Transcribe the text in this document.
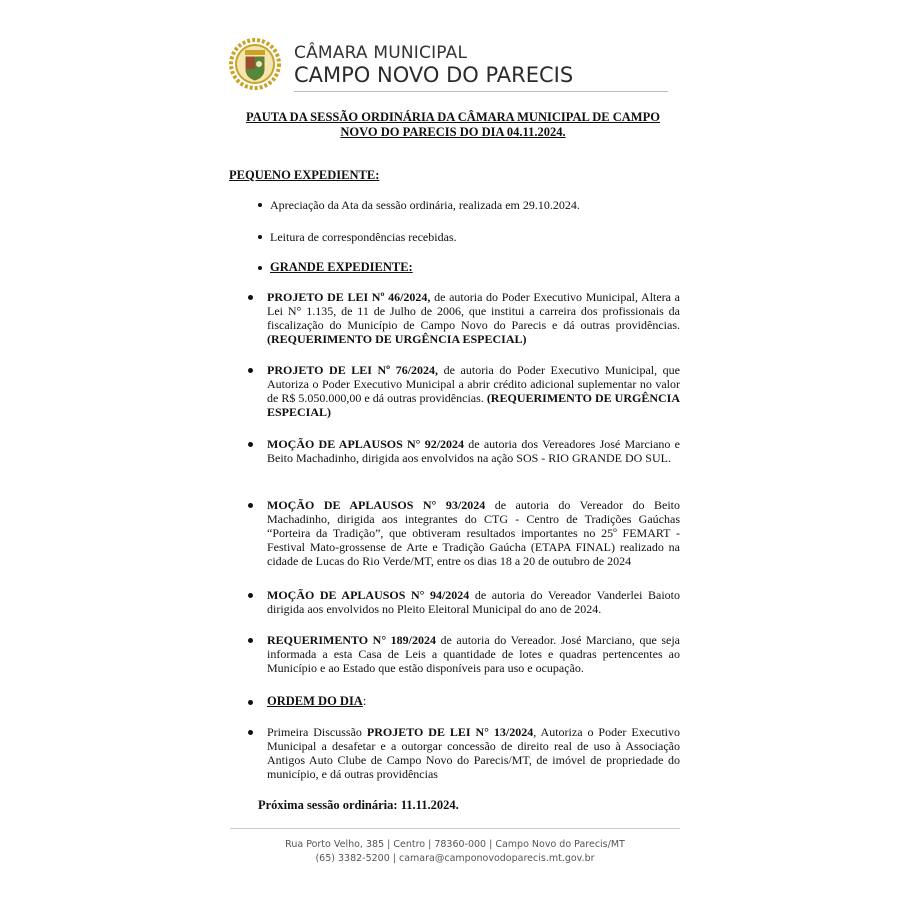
CÂMARA MUNICIPAL
CAMPO NOVO DO PARECIS
PAUTA DA SESSÃO ORDINÁRIA DA CÂMARA MUNICIPAL DE CAMPO NOVO DO PARECIS DO DIA 04.11.2024.
PEQUENO EXPEDIENTE:
Apreciação da Ata da sessão ordinária, realizada em 29.10.2024.
Leitura de correspondências recebidas.
GRANDE EXPEDIENTE:
PROJETO DE LEI Nº 46/2024, de autoria do Poder Executivo Municipal, Altera a Lei N° 1.135, de 11 de Julho de 2006, que institui a carreira dos profissionais da fiscalização do Município de Campo Novo do Parecis e dá outras providências. (REQUERIMENTO DE URGÊNCIA ESPECIAL)
PROJETO DE LEI Nº 76/2024, de autoria do Poder Executivo Municipal, que Autoriza o Poder Executivo Municipal a abrir crédito adicional suplementar no valor de R$ 5.050.000,00 e dá outras providências. (REQUERIMENTO DE URGÊNCIA ESPECIAL)
MOÇÃO DE APLAUSOS N° 92/2024 de autoria dos Vereadores José Marciano e Beito Machadinho, dirigida aos envolvidos na ação SOS - RIO GRANDE DO SUL.
MOÇÃO DE APLAUSOS N° 93/2024 de autoria do Vereador do Beito Machadinho, dirigida aos integrantes do CTG - Centro de Tradições Gaúchas “Porteira da Tradição”, que obtiveram resultados importantes no 25º FEMART - Festival Mato-grossense de Arte e Tradição Gaúcha (ETAPA FINAL) realizado na cidade de Lucas do Rio Verde/MT, entre os dias 18 a 20 de outubro de 2024
MOÇÃO DE APLAUSOS N° 94/2024 de autoria do Vereador Vanderlei Baioto dirigida aos envolvidos no Pleito Eleitoral Municipal do ano de 2024.
REQUERIMENTO N° 189/2024 de autoria do Vereador. José Marciano, que seja informada a esta Casa de Leis a quantidade de lotes e quadras pertencentes ao Município e ao Estado que estão disponíveis para uso e ocupação.
ORDEM DO DIA:
Primeira Discussão PROJETO DE LEI N° 13/2024, Autoriza o Poder Executivo Municipal a desafetar e a outorgar concessão de direito real de uso à Associação Antigos Auto Clube de Campo Novo do Parecis/MT, de imóvel de propriedade do município, e dá outras providências
Próxima sessão ordinária: 11.11.2024.
Rua Porto Velho, 385 | Centro | 78360-000 | Campo Novo do Parecis/MT
(65) 3382-5200 | camara@camponovodoparecis.mt.gov.br
